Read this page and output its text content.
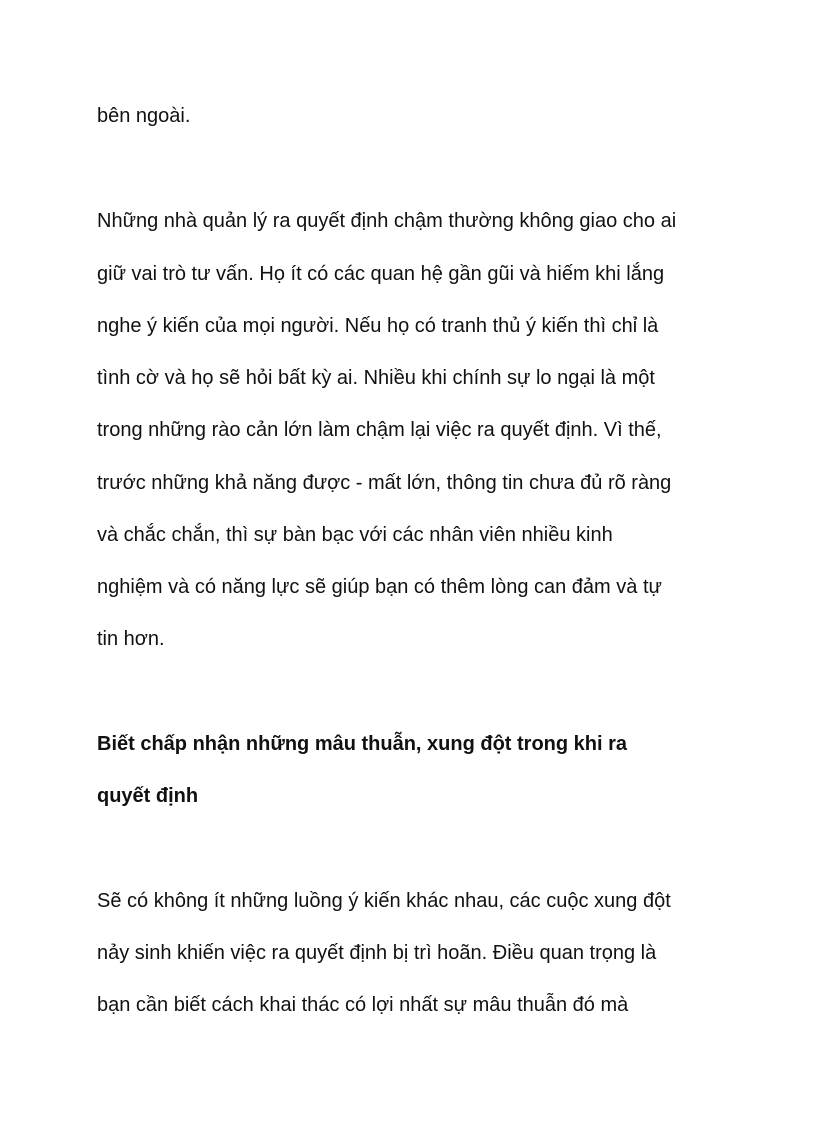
bên ngoài.

Những nhà quản lý ra quyết định chậm thường không giao cho ai

giữ vai trò tư vấn. Họ ít có các quan hệ gần gũi và hiếm khi lắng

nghe ý kiến của mọi người. Nếu họ có tranh thủ ý kiến thì chỉ là

tình cờ và họ sẽ hỏi bất kỳ ai. Nhiều khi chính sự lo ngại là một

trong những rào cản lớn làm chậm lại việc ra quyết định. Vì thế,

trước những khả năng được - mất lớn, thông tin chưa đủ rõ ràng

và chắc chắn, thì sự bàn bạc với các nhân viên nhiều kinh

nghiệm và có năng lực sẽ giúp bạn có thêm lòng can đảm và tự

tin hơn.

Biết chấp nhận những mâu thuẫn, xung đột trong khi ra

quyết định

Sẽ có không ít những luồng ý kiến khác nhau, các cuộc xung đột

nảy sinh khiến việc ra quyết định bị trì hoãn. Điều quan trọng là

bạn cần biết cách khai thác có lợi nhất sự mâu thuẫn đó mà
